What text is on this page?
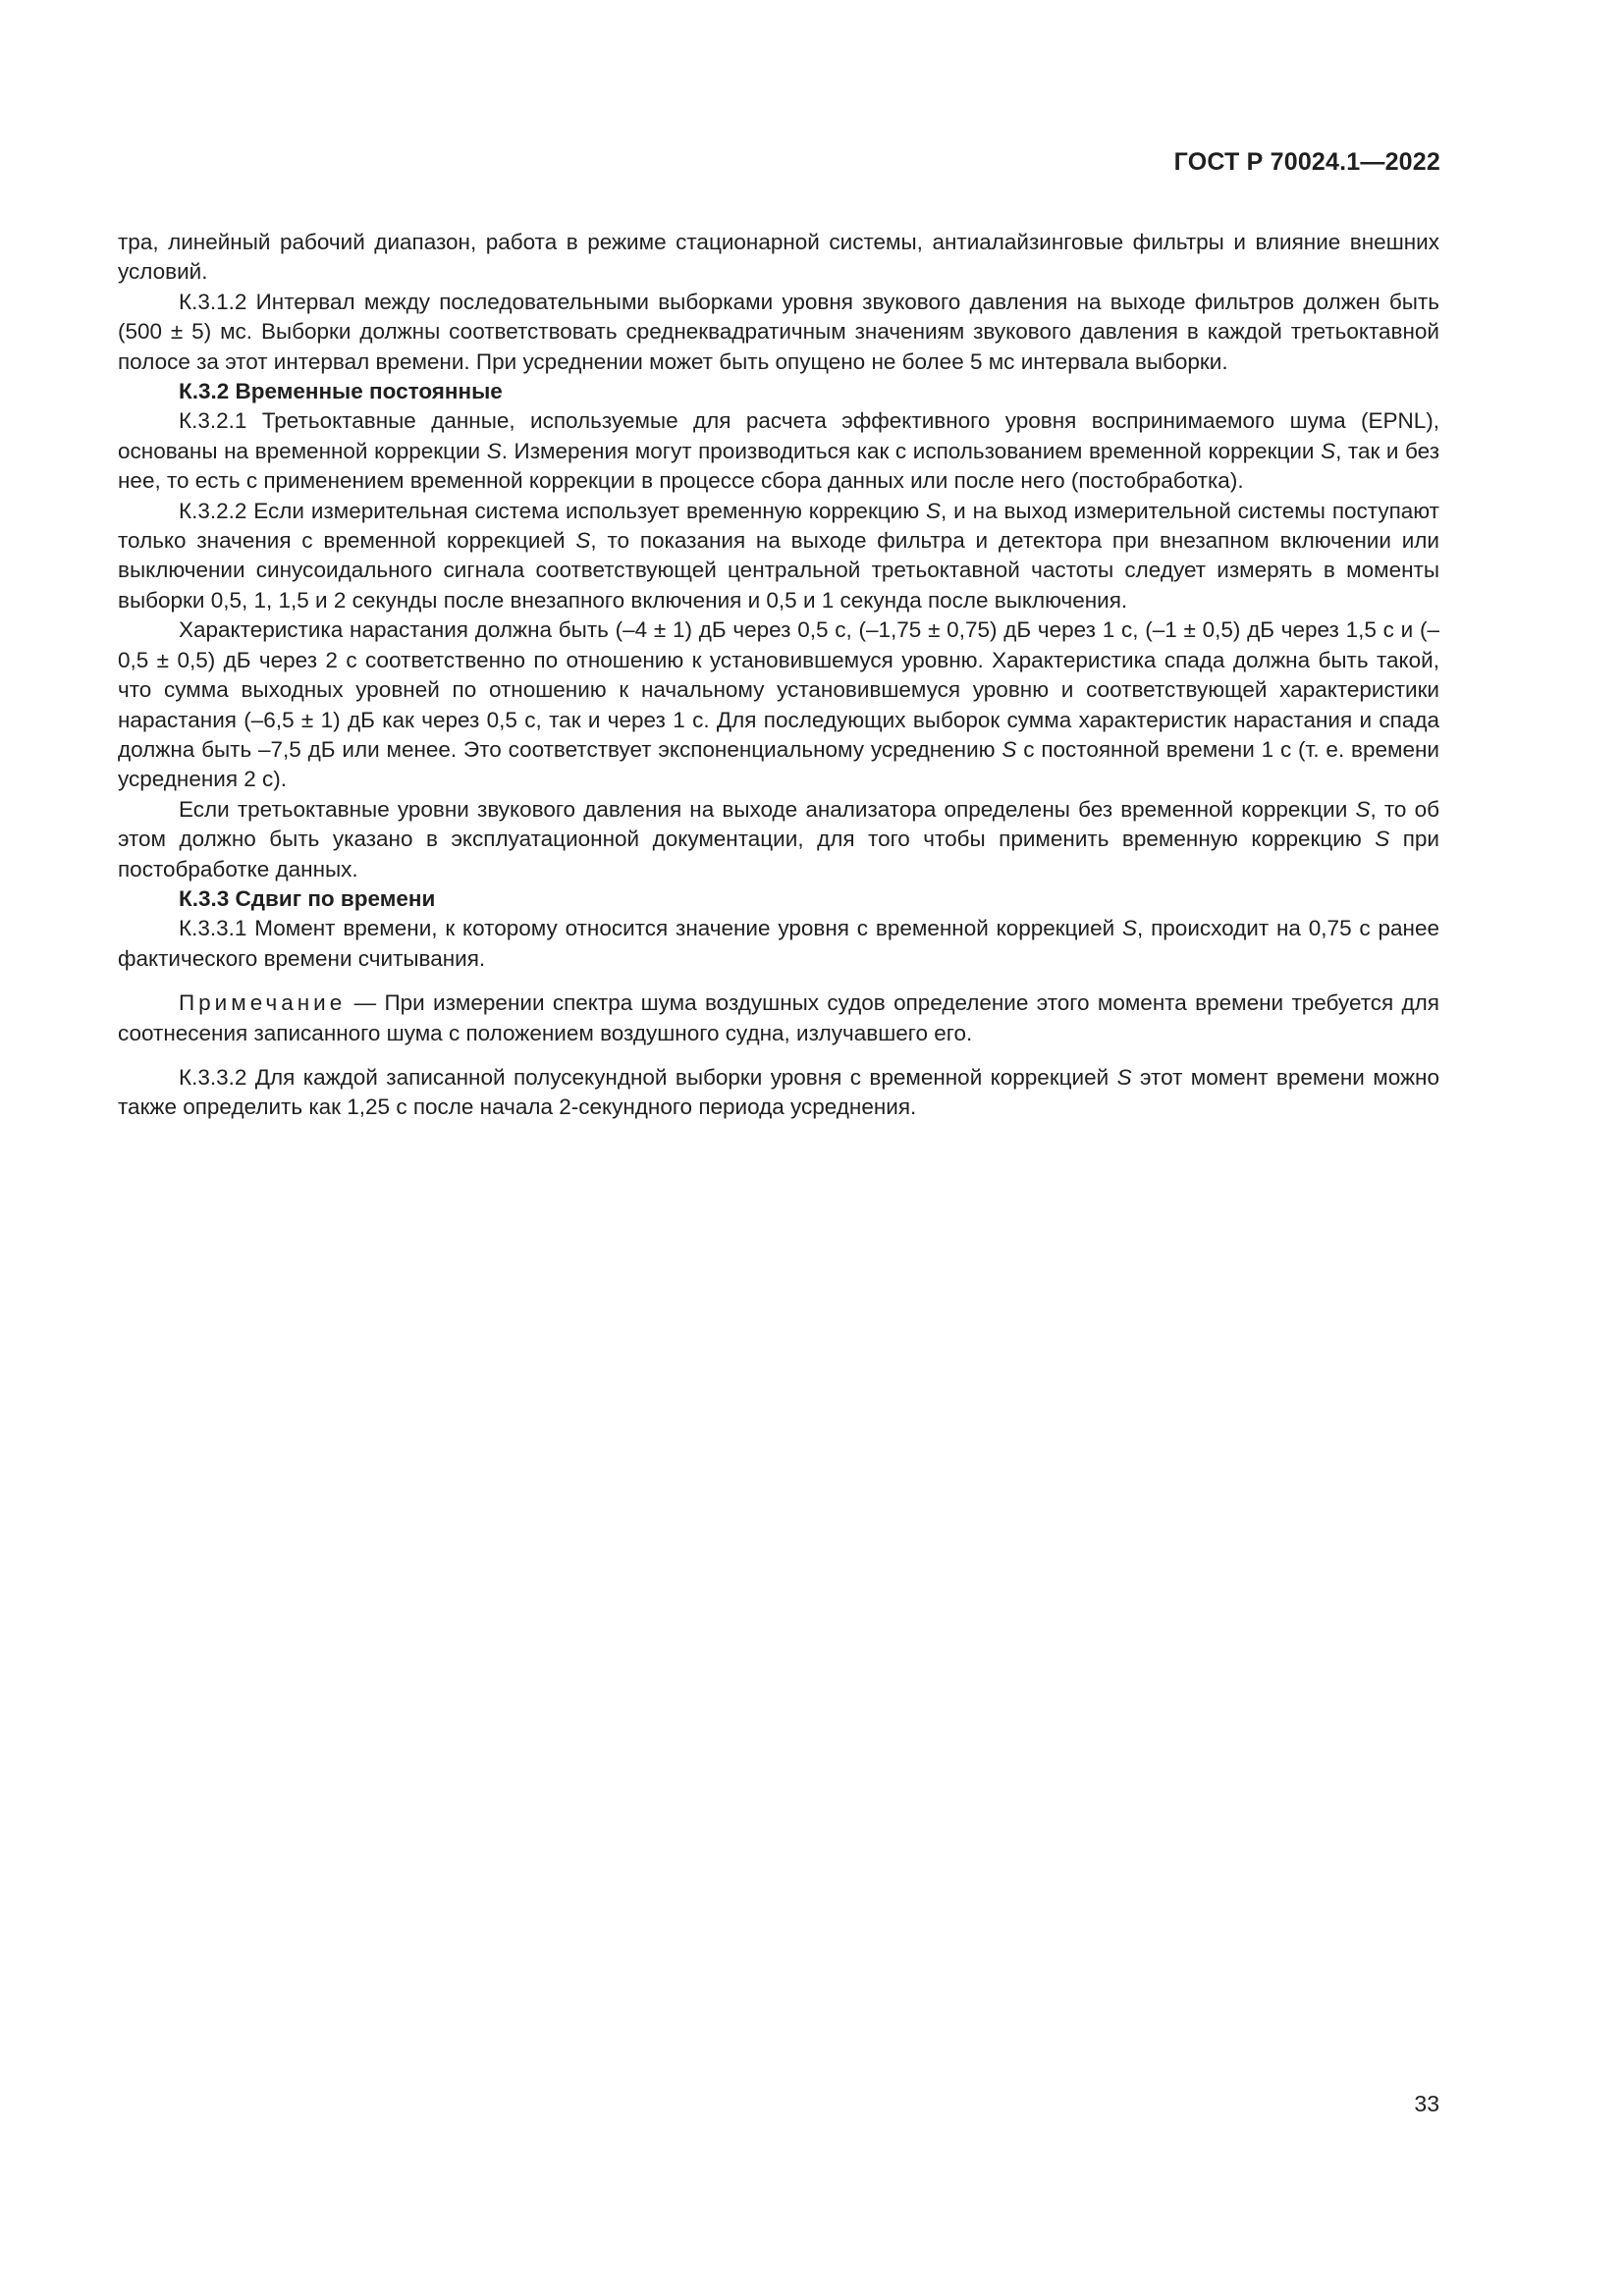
ГОСТ Р 70024.1—2022

тра, линейный рабочий диапазон, работа в режиме стационарной системы, антиалайзинговые фильтры и влияние внешних условий.

К.3.1.2 Интервал между последовательными выборками уровня звукового давления на выходе фильтров должен быть (500 ± 5) мс. Выборки должны соответствовать среднеквадратичным значениям звукового давления в каждой третьоктавной полосе за этот интервал времени. При усреднении может быть опущено не более 5 мс интервала выборки.

К.3.2 Временные постоянные

К.3.2.1 Третьоктавные данные, используемые для расчета эффективного уровня воспринимаемого шума (EPNL), основаны на временной коррекции S. Измерения могут производиться как с использованием временной коррекции S, так и без нее, то есть с применением временной коррекции в процессе сбора данных или после него (постобработка).

К.3.2.2 Если измерительная система использует временную коррекцию S, и на выход измерительной системы поступают только значения с временной коррекцией S, то показания на выходе фильтра и детектора при внезапном включении или выключении синусоидального сигнала соответствующей центральной третьоктавной частоты следует измерять в моменты выборки 0,5, 1, 1,5 и 2 секунды после внезапного включения и 0,5 и 1 секунда после выключения.

Характеристика нарастания должна быть (–4 ± 1) дБ через 0,5 с, (–1,75 ± 0,75) дБ через 1 с, (–1 ± 0,5) дБ через 1,5 с и (–0,5 ± 0,5) дБ через 2 с соответственно по отношению к установившемуся уровню. Характеристика спада должна быть такой, что сумма выходных уровней по отношению к начальному установившемуся уровню и соответствующей характеристики нарастания (–6,5 ± 1) дБ как через 0,5 с, так и через 1 с. Для последующих выборок сумма характеристик нарастания и спада должна быть –7,5 дБ или менее. Это соответствует экспоненциальному усреднению S с постоянной времени 1 с (т. е. времени усреднения 2 с).

Если третьоктавные уровни звукового давления на выходе анализатора определены без временной коррекции S, то об этом должно быть указано в эксплуатационной документации, для того чтобы применить временную коррекцию S при постобработке данных.

К.3.3 Сдвиг по времени

К.3.3.1 Момент времени, к которому относится значение уровня с временной коррекцией S, происходит на 0,75 с ранее фактического времени считывания.

Примечание — При измерении спектра шума воздушных судов определение этого момента времени требуется для соотнесения записанного шума с положением воздушного судна, излучавшего его.

К.3.3.2 Для каждой записанной полусекундной выборки уровня с временной коррекцией S этот момент времени можно также определить как 1,25 с после начала 2-секундного периода усреднения.

33
